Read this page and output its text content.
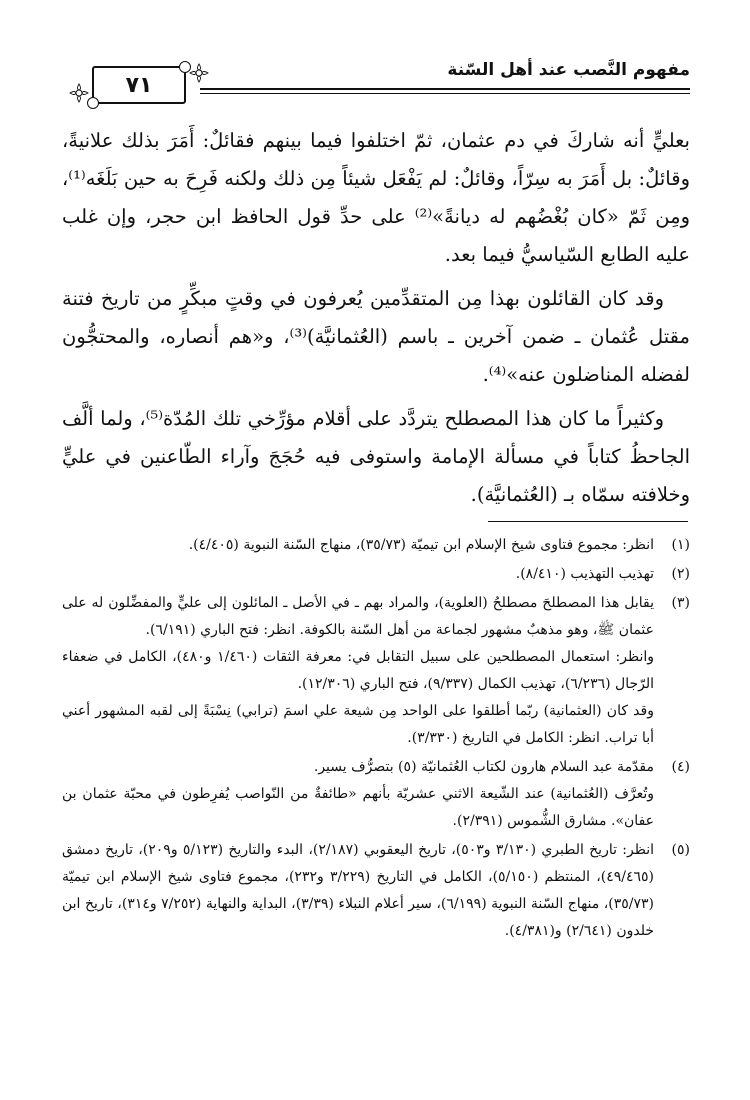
مفهوم النَّصب عند أهل السّنة
٧١

بعليٍّ أنه شاركَ في دم عثمان، ثمّ اختلفوا فيما بينهم فقائلٌ: أَمَرَ بذلك علانيةً، وقائلٌ: بل أَمَرَ به سِرّاً، وقائلٌ: لم يَفْعَل شيئاً مِن ذلك ولكنه فَرِحَ به حين بَلَغَه⁽¹⁾، ومِن ثَمّ «كان بُغْضُهم له ديانةً»⁽²⁾ على حدِّ قول الحافظ ابن حجر، وإن غلب عليه الطابع السّياسيُّ فيما بعد.

وقد كان القائلون بهذا مِن المتقدِّمين يُعرفون في وقتٍ مبكِّرٍ من تاريخ فتنة مقتل عُثمان ـ ضمن آخرين ـ باسم (العُثمانيَّة)⁽³⁾، و«هم أنصاره، والمحتجُّون لفضله المناضلون عنه»⁽⁴⁾.

وكثيراً ما كان هذا المصطلح يتردَّد على أقلام مؤرِّخي تلك المُدّة⁽⁵⁾، ولما ألَّف الجاحظُ كتاباً في مسألة الإمامة واستوفى فيه حُجَجَ وآراء الطّاعنين في عليٍّ وخلافته سمّاه بـ (العُثمانيَّة).

(١)
انظر: مجموع فتاوى شيخ الإسلام ابن تيميّة (٣٥/٧٣)، منهاج السّنة النبوية (٤/٤٠٥).
(٢)
تهذيب التهذيب (٨/٤١٠).
(٣)
يقابل هذا المصطلحَ مصطلحُ (العلوية)، والمراد بهم ـ في الأصل ـ المائلون إلى عليٍّ والمفضِّلون له على عثمان ﷺ، وهو مذهبٌ مشهور لجماعة من أهل السّنة بالكوفة. انظر: فتح الباري (٦/١٩١).
وانظر: استعمال المصطلحين على سبيل التقابل في: معرفة الثقات (١/٤٦٠ و٤٨٠)، الكامل في ضعفاء الرّجال (٦/٢٣٦)، تهذيب الكمال (٩/٣٣٧)، فتح الباري (١٢/٣٠٦).
وقد كان (العثمانية) ربّما أطلقوا على الواحد مِن شيعة علي اسمَ (ترابي) نِسْبَةً إلى لقبه المشهور أعني أبا تراب. انظر: الكامل في التاريخ (٣/٣٣٠).
(٤)
مقدّمة عبد السلام هارون لكتاب العُثمانيّة (٥) بتصرُّف يسير.
وتُعرَّف (العُثمانية) عند الشّيعة الاثني عشريّة بأنهم «طائفةٌ من النّواصب يُفرِطون في محبّة عثمان بن عفان». مشارق الشُّموس (٢/٣٩١).
(٥)
انظر: تاريخ الطبري (٣/١٣٠ و٥٠٣)، تاريخ اليعقوبي (٢/١٨٧)، البدء والتاريخ (٥/١٢٣ و٢٠٩)، تاريخ دمشق (٤٩/٤٦٥)، المنتظم (٥/١٥٠)، الكامل في التاريخ (٣/٢٢٩ و٢٣٢)، مجموع فتاوى شيخ الإسلام ابن تيميّة (٣٥/٧٣)، منهاج السّنة النبوية (٦/١٩٩)، سير أعلام النبلاء (٣/٣٩)، البداية والنهاية (٧/٢٥٢ و٣١٤)، تاريخ ابن خلدون (٢/٦٤١) و(٤/٣٨١).
